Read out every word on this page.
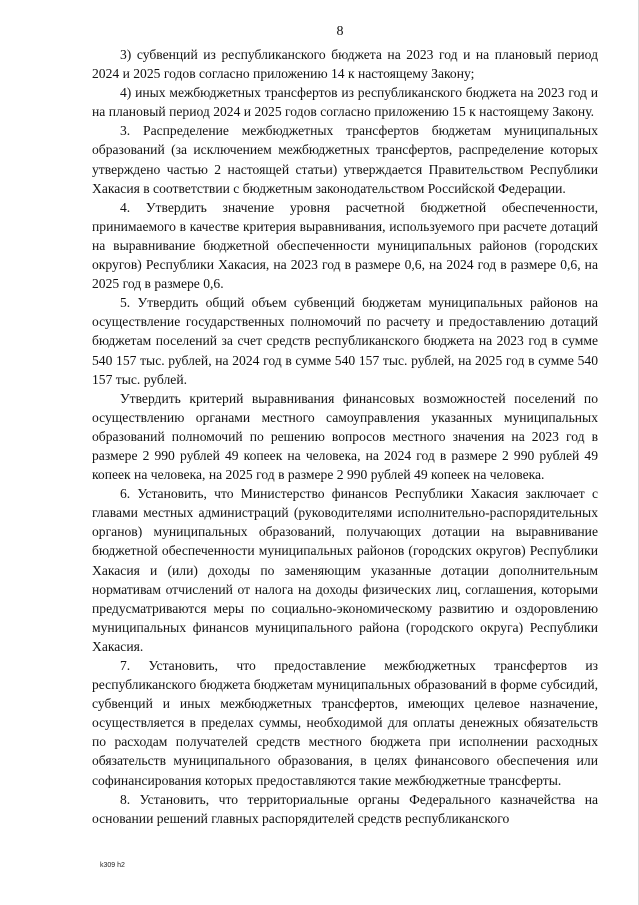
8

3) субвенций из республиканского бюджета на 2023 год и на плановый период 2024 и 2025 годов согласно приложению 14 к настоящему Закону;

4) иных межбюджетных трансфертов из республиканского бюджета на 2023 год и на плановый период 2024 и 2025 годов согласно приложению 15 к настоящему Закону.

3. Распределение межбюджетных трансфертов бюджетам муниципальных образований (за исключением межбюджетных трансфертов, распределение которых утверждено частью 2 настоящей статьи) утверждается Правительством Республики Хакасия в соответствии с бюджетным законодательством Российской Федерации.

4. Утвердить значение уровня расчетной бюджетной обеспеченности, принимаемого в качестве критерия выравнивания, используемого при расчете дотаций на выравнивание бюджетной обеспеченности муниципальных районов (городских округов) Республики Хакасия, на 2023 год в размере 0,6, на 2024 год в размере 0,6, на 2025 год в размере 0,6.

5. Утвердить общий объем субвенций бюджетам муниципальных районов на осуществление государственных полномочий по расчету и предоставлению дотаций бюджетам поселений за счет средств республиканского бюджета на 2023 год в сумме 540 157 тыс. рублей, на 2024 год в сумме 540 157 тыс. рублей, на 2025 год в сумме 540 157 тыс. рублей.

Утвердить критерий выравнивания финансовых возможностей поселений по осуществлению органами местного самоуправления указанных муниципальных образований полномочий по решению вопросов местного значения на 2023 год в размере 2 990 рублей 49 копеек на человека, на 2024 год в размере 2 990 рублей 49 копеек на человека, на 2025 год в размере 2 990 рублей 49 копеек на человека.

6. Установить, что Министерство финансов Республики Хакасия заключает с главами местных администраций (руководителями исполнительно-распорядительных органов) муниципальных образований, получающих дотации на выравнивание бюджетной обеспеченности муниципальных районов (городских округов) Республики Хакасия и (или) доходы по заменяющим указанные дотации дополнительным нормативам отчислений от налога на доходы физических лиц, соглашения, которыми предусматриваются меры по социально-экономическому развитию и оздоровлению муниципальных финансов муниципального района (городского округа) Республики Хакасия.

7. Установить, что предоставление межбюджетных трансфертов из республиканского бюджета бюджетам муниципальных образований в форме субсидий, субвенций и иных межбюджетных трансфертов, имеющих целевое назначение, осуществляется в пределах суммы, необходимой для оплаты денежных обязательств по расходам получателей средств местного бюджета при исполнении расходных обязательств муниципального образования, в целях финансового обеспечения или софинансирования которых предоставляются такие межбюджетные трансферты.

8. Установить, что территориальные органы Федерального казначейства на основании решений главных распорядителей средств республиканского

k309 h2
